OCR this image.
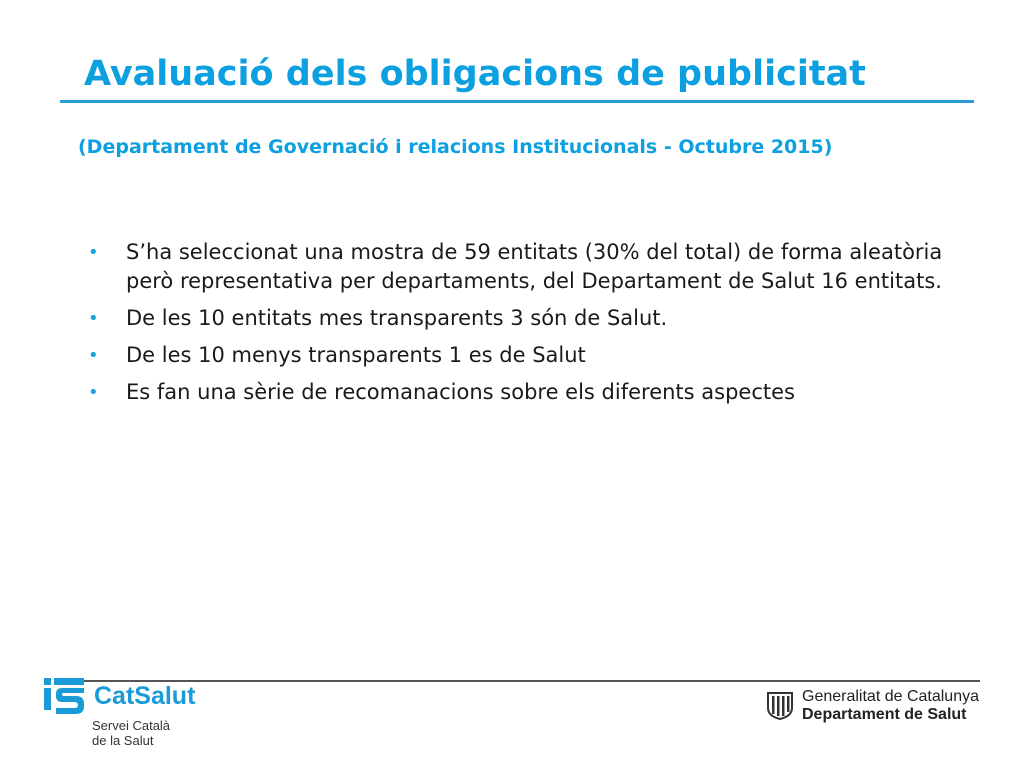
Avaluació dels obligacions de publicitat

(Departament de Governació i relacions Institucionals - Octubre 2015)

• S’ha seleccionat una mostra de 59 entitats (30% del total) de forma aleatòria però representativa per departaments, del Departament de Salut 16 entitats.
• De les 10 entitats mes transparents 3 són de Salut.
• De les 10 menys transparents 1 es de Salut
• Es fan una sèrie de recomanacions sobre els diferents aspectes
CatSalut
Servei Català
de la Salut
Generalitat de Catalunya
Departament de Salut
